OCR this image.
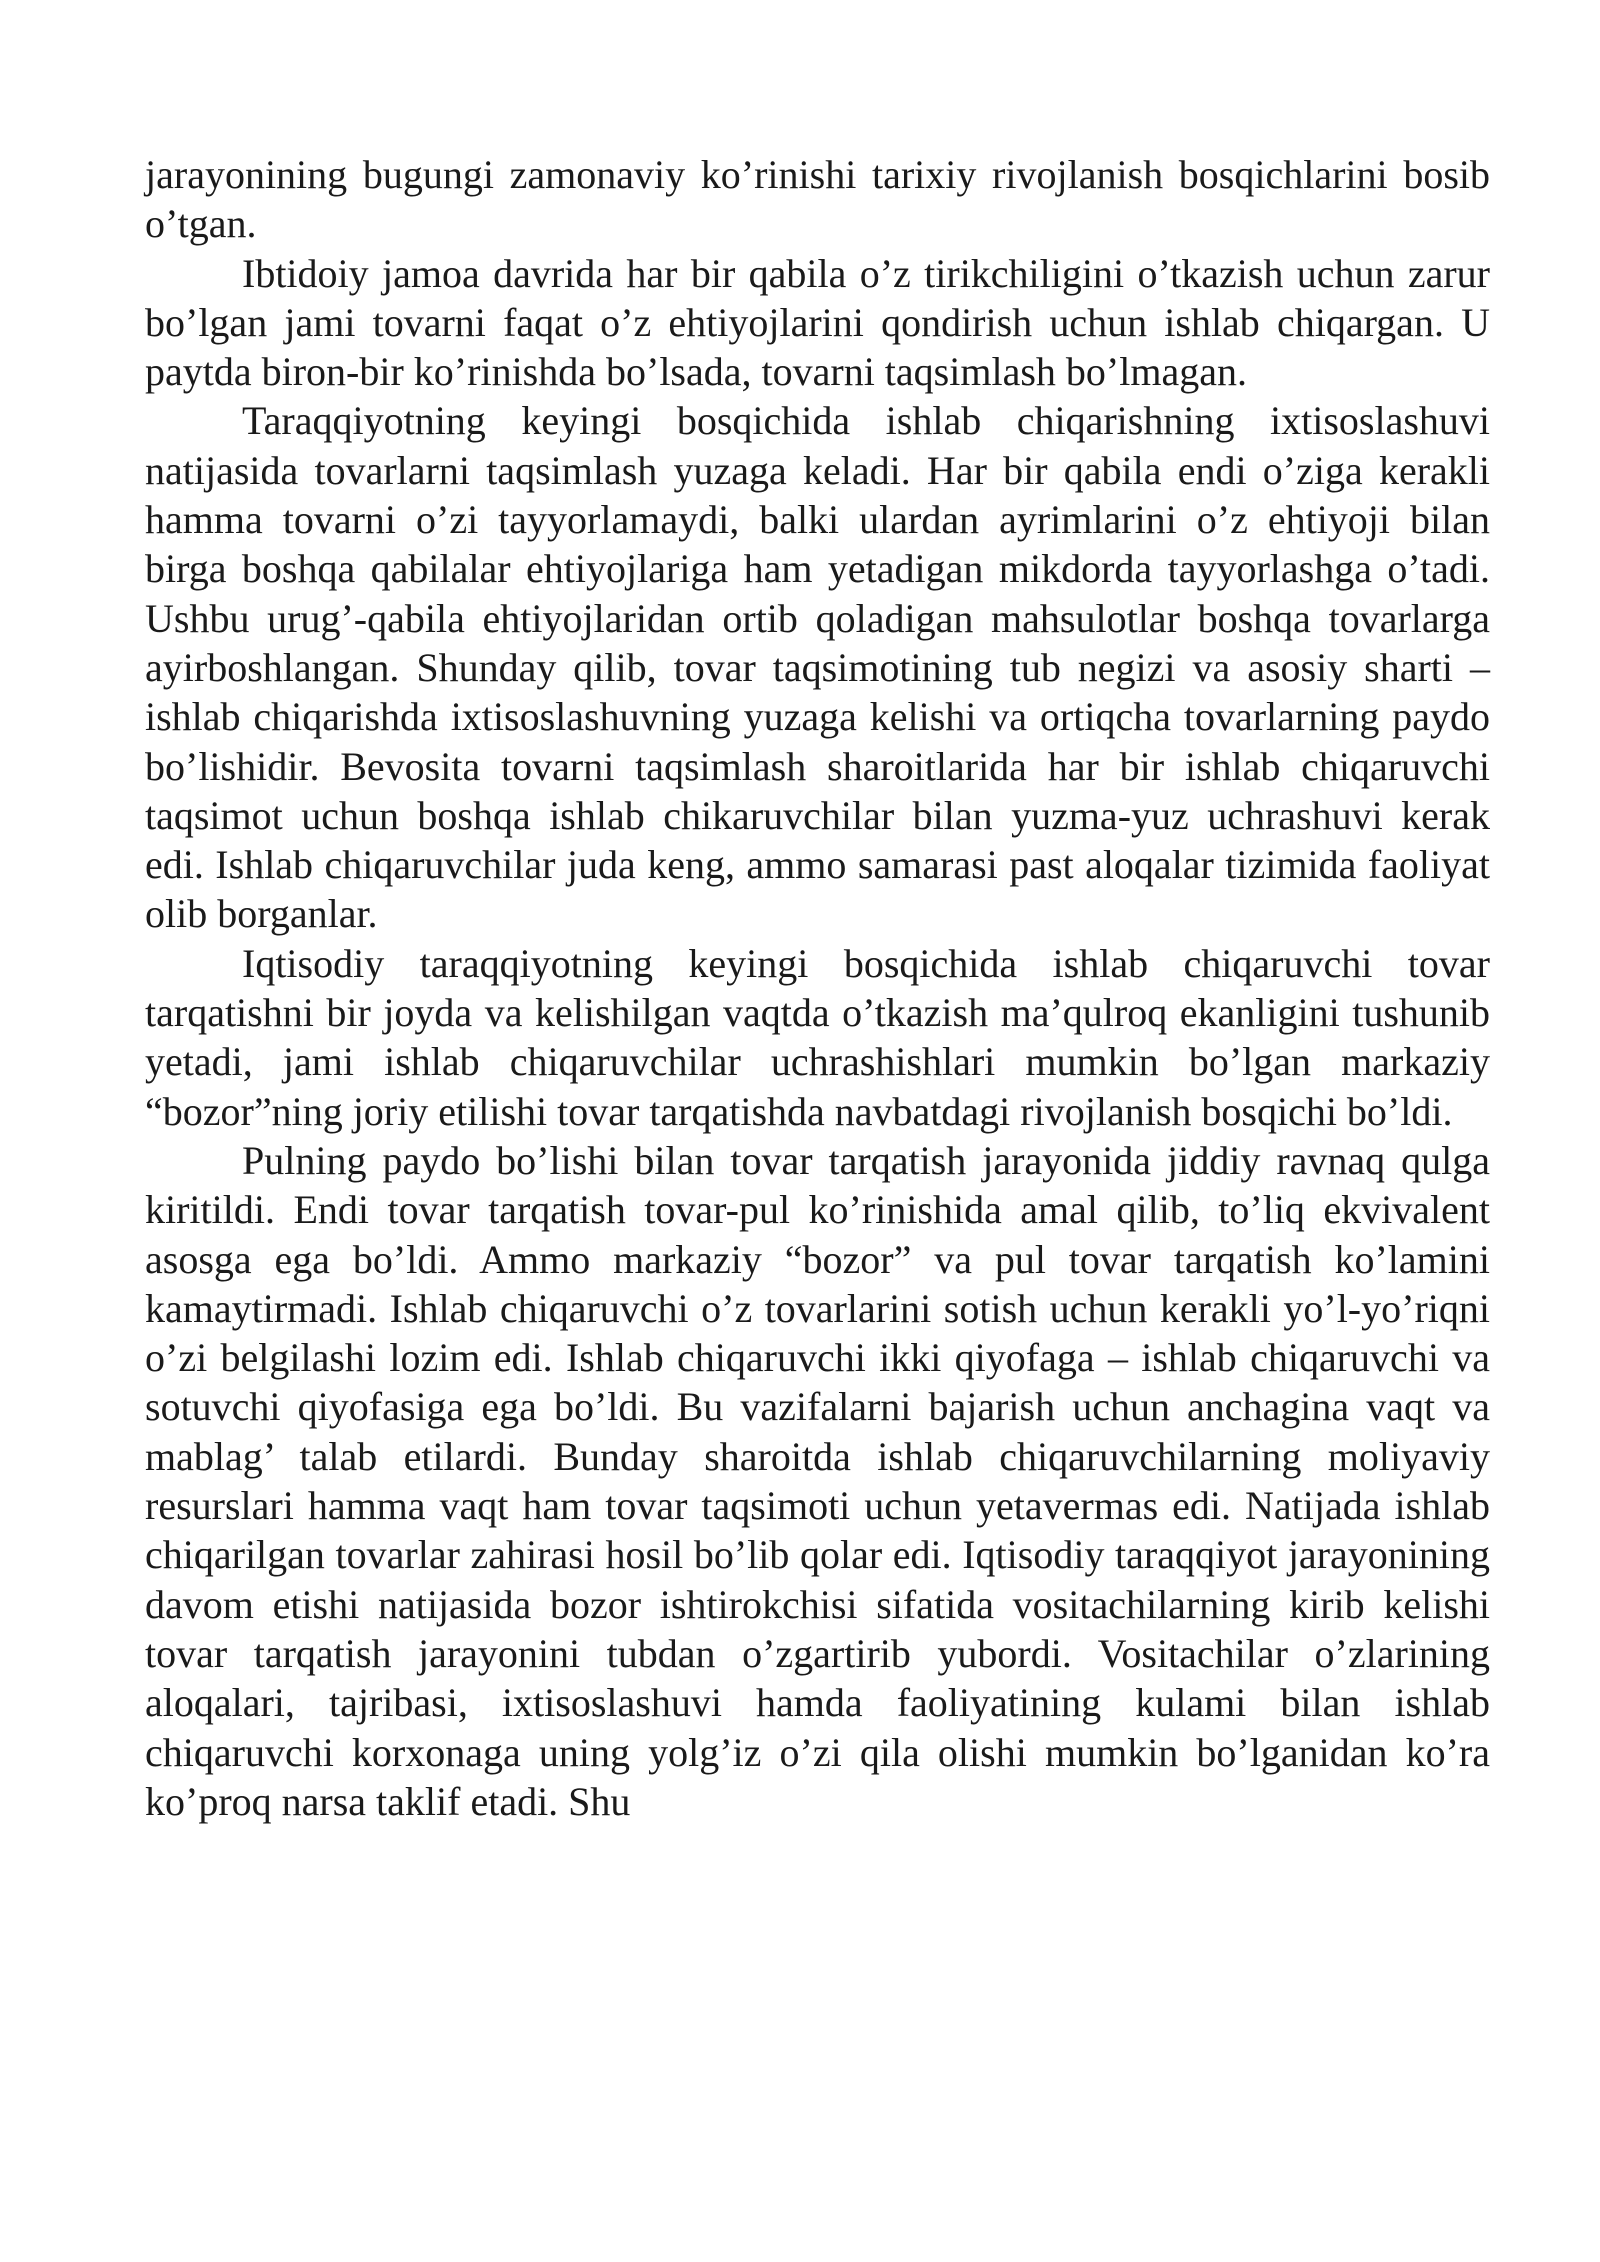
jarayonining bugungi zamonaviy ko’rinishi tarixiy rivojlanish bosqichlarini bosib o’tgan.

Ibtidoiy jamoa davrida har bir qabila o’z tirikchiligini o’tkazish uchun zarur bo’lgan jami tovarni faqat o’z ehtiyojlarini qondirish uchun ishlab chiqargan. U paytda biron-bir ko’rinishda bo’lsada, tovarni taqsimlash bo’lmagan.

Taraqqiyotning keyingi bosqichida ishlab chiqarishning ixtisoslashuvi natijasida tovarlarni taqsimlash yuzaga keladi. Har bir qabila endi o’ziga kerakli hamma tovarni o’zi tayyorlamaydi, balki ulardan ayrimlarini o’z ehtiyoji bilan birga boshqa qabilalar ehtiyojlariga ham yetadigan mikdorda tayyorlashga o’tadi. Ushbu urug’-qabila ehtiyojlaridan ortib qoladigan mahsulotlar boshqa tovarlarga ayirboshlangan. Shunday qilib, tovar taqsimotining tub negizi va asosiy sharti – ishlab chiqarishda ixtisoslashuvning yuzaga kelishi va ortiqcha tovarlarning paydo bo’lishidir. Bevosita tovarni taqsimlash sharoitlarida har bir ishlab chiqaruvchi taqsimot uchun boshqa ishlab chikaruvchilar bilan yuzma-yuz uchrashuvi kerak edi. Ishlab chiqaruvchilar juda keng, ammo samarasi past aloqalar tizimida faoliyat olib borganlar.

Iqtisodiy taraqqiyotning keyingi bosqichida ishlab chiqaruvchi tovar tarqatishni bir joyda va kelishilgan vaqtda o’tkazish ma’qulroq ekanligini tushunib yetadi, jami ishlab chiqaruvchilar uchrashishlari mumkin bo’lgan markaziy “bozor”ning joriy etilishi tovar tarqatishda navbatdagi rivojlanish bosqichi bo’ldi.

Pulning paydo bo’lishi bilan tovar tarqatish jarayonida jiddiy ravnaq qulga kiritildi. Endi tovar tarqatish tovar-pul ko’rinishida amal qilib, to’liq ekvivalent asosga ega bo’ldi. Ammo markaziy “bozor” va pul tovar tarqatish ko’lamini kamaytirmadi. Ishlab chiqaruvchi o’z tovarlarini sotish uchun kerakli yo’l-yo’riqni o’zi belgilashi lozim edi. Ishlab chiqaruvchi ikki qiyofaga – ishlab chiqaruvchi va sotuvchi qiyofasiga ega bo’ldi. Bu vazifalarni bajarish uchun anchagina vaqt va mablag’ talab etilardi. Bunday sharoitda ishlab chiqaruvchilarning moliyaviy resurslari hamma vaqt ham tovar taqsimoti uchun yetavermas edi. Natijada ishlab chiqarilgan tovarlar zahirasi hosil bo’lib qolar edi. Iqtisodiy taraqqiyot jarayonining davom etishi natijasida bozor ishtirokchisi sifatida vositachilarning kirib kelishi tovar tarqatish jarayonini tubdan o’zgartirib yubordi. Vositachilar o’zlarining aloqalari, tajribasi, ixtisoslashuvi hamda faoliyatining kulami bilan ishlab chiqaruvchi korxonaga uning yolg’iz o’zi qila olishi mumkin bo’lganidan ko’ra ko’proq narsa taklif etadi. Shu
